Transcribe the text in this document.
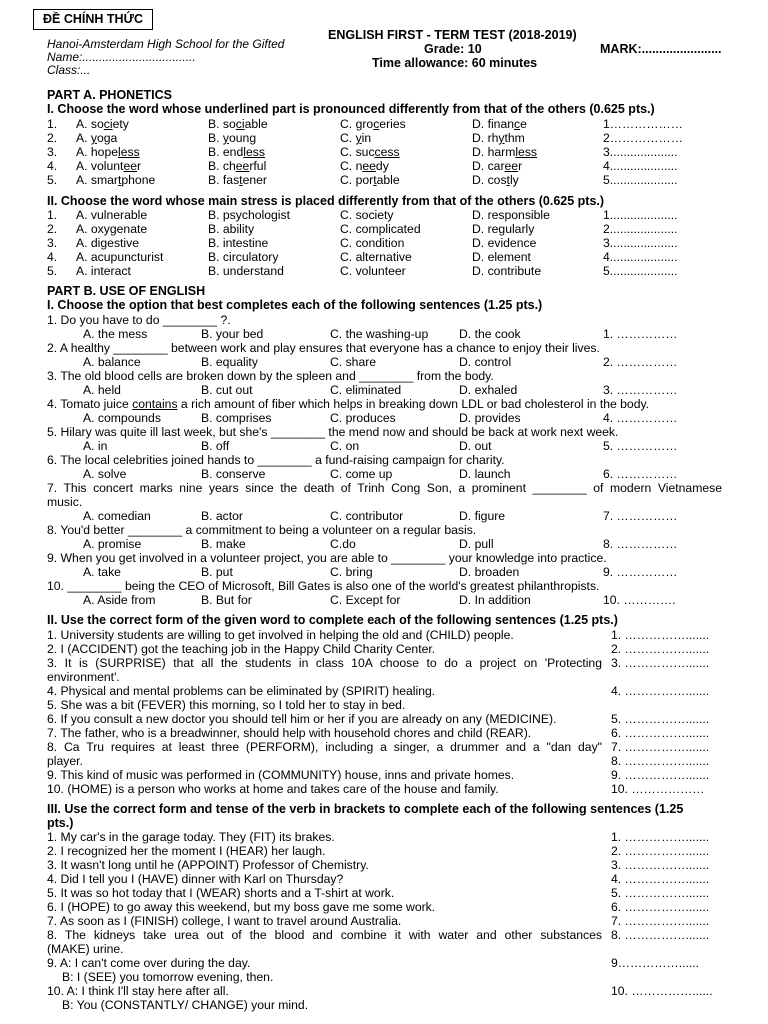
ĐỀ CHÍNH THỨC
Hanoi-Amsterdam High School for the Gifted
Name:..................................
Class:...
ENGLISH FIRST - TERM TEST (2018-2019)
Grade: 10	MARK:.......................
Time allowance: 60 minutes
PART A. PHONETICS
I. Choose the word whose underlined part is pronounced differently from that of the others (0.625 pts.)
II. Choose the word whose main stress is placed differently from that of the others (0.625 pts.)
PART B. USE OF ENGLISH
I. Choose the option that best completes each of the following sentences (1.25 pts.)
II. Use the correct form of the given word to complete each of the following sentences (1.25 pts.)
III. Use the correct form and tense of the verb in brackets to complete each of the following sentences (1.25
pts.)
1. A. society	B. sociable	C. groceries	D. finance	1………………
2. A. yoga	B. young	C. yin	D. rhythm	2………………
3. A. hopeless	B. endless	C. success	D. harmless	3....................
4. A. volunteer	B. cheerful	C. needy	D. career	4....................
5. A. smartphone	B. fastener	C. portable	D. costly	5....................
1. A. vulnerable	B. psychologist	C. society	D. responsible	1....................
2. A. oxygenate	B. ability	C. complicated	D. regularly	2....................
3. A. digestive	B. intestine	C. condition	D. evidence	3....................
4. A. acupuncturist	B. circulatory	C. alternative	D. element	4....................
5. A. interact	B. understand	C. volunteer	D. contribute	5....................
1. Do you have to do ________ ?.
A. the mess	B. your bed	C. the washing-up	D. the cook	1. ……………
2. A healthy ________ between work and play ensures that everyone has a chance to enjoy their lives.
A. balance	B. equality	C. share	D. control	2. ……………
3. The old blood cells are broken down by the spleen and ________ from the body.
A. held	B. cut out	C. eliminated	D. exhaled	3. ……………
4. Tomato juice contains a rich amount of fiber which helps in breaking down LDL or bad cholesterol in the body.
A. compounds	B. comprises	C. produces	D. provides	4. ……………
5. Hilary was quite ill last week, but she's ________ the mend now and should be back at work next week.
A. in	B. off	C. on	D. out	5. ……………
6. The local celebrities joined hands to ________ a fund-raising campaign for charity.
A. solve	B. conserve	C. come up	D. launch	6. ……………
7. This concert marks nine years since the death of Trinh Cong Son, a prominent ________ of modern Vietnamese
music.
A. comedian	B. actor	C. contributor	D. figure	7. ……………
8. You'd better ________ a commitment to being a volunteer on a regular basis.
A. promise	B. make	C.do	D. pull	8. ……………
9. When you get involved in a volunteer project, you are able to ________ your knowledge into practice.
A. take	B. put	C. bring	D. broaden	9. ……………
10. ________ being the CEO of Microsoft, Bill Gates is also one of the world's greatest philanthropists.
A. Aside from	B. But for	C. Except for	D. In addition	10. ………….
1. University students are willing to get involved in helping the old and (CHILD) people.	1. …………….......
2. I (ACCIDENT) got the teaching job in the Happy Child Charity Center.	2. …………….......
3. It is (SURPRISE) that all the students in class 10A choose to do a project on 'Protecting 3. …………….......
environment'.
4. Physical and mental problems can be eliminated by (SPIRIT) healing.	4. …………….......
5. She was a bit (FEVER) this morning, so I told her to stay in bed.
6. If you consult a new doctor you should tell him or her if you are already on any (MEDICINE).	5. …………….......
7. The father, who is a breadwinner, should help with household chores and child (REAR).	6. …………….......
8. Ca Tru requires at least three (PERFORM), including a singer, a drummer and a "dan day" 7. …………….......
player.	8. …………….......
9. This kind of music was performed in (COMMUNITY) house, inns and private homes.	9. …………….......
10. (HOME) is a person who works at home and takes care of the house and family.	10. ………………
1. My car's in the garage today. They (FIT) its brakes.	1. …………….......
2. I recognized her the moment I (HEAR) her laugh.	2. …………….......
3. It wasn't long until he (APPOINT) Professor of Chemistry.	3. …………….......
4. Did I tell you I (HAVE) dinner with Karl on Thursday?	4. …………….......
5. It was so hot today that I (WEAR) shorts and a T-shirt at work.	5. …………….......
6. I (HOPE) to go away this weekend, but my boss gave me some work.	6. …………….......
7. As soon as I (FINISH) college, I want to travel around Australia.	7. …………….......
8. The kidneys take urea out of the blood and combine it with water and other substances 8. …………….......
(MAKE) urine.
9. A: I can't come over during the day.	9……………......
B: I (SEE) you tomorrow evening, then.
10. A: I think I'll stay here after all.	10. ……………......
B: You (CONSTANTLY/ CHANGE) your mind.
